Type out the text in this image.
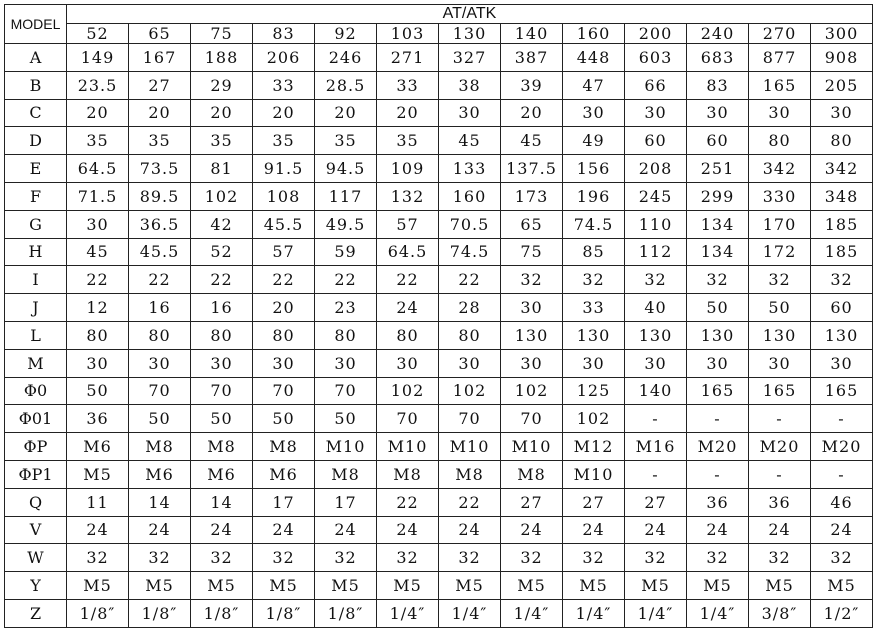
MODEL	AT/ATK												
	52	65	75	83	92	103	130	140	160	200	240	270	300
A	149	167	188	206	246	271	327	387	448	603	683	877	908
B	23.5	27	29	33	28.5	33	38	39	47	66	83	165	205
C	20	20	20	20	20	20	30	20	30	30	30	30	30
D	35	35	35	35	35	35	45	45	49	60	60	80	80
E	64.5	73.5	81	91.5	94.5	109	133	137.5	156	208	251	342	342
F	71.5	89.5	102	108	117	132	160	173	196	245	299	330	348
G	30	36.5	42	45.5	49.5	57	70.5	65	74.5	110	134	170	185
H	45	45.5	52	57	59	64.5	74.5	75	85	112	134	172	185
I	22	22	22	22	22	22	22	32	32	32	32	32	32
J	12	16	16	20	23	24	28	30	33	40	50	50	60
L	80	80	80	80	80	80	80	130	130	130	130	130	130
M	30	30	30	30	30	30	30	30	30	30	30	30	30
Φ0	50	70	70	70	70	102	102	102	125	140	165	165	165
Φ01	36	50	50	50	50	70	70	70	102	-	-	-	-
ΦP	M6	M8	M8	M8	M10	M10	M10	M10	M12	M16	M20	M20	M20
ΦP1	M5	M6	M6	M6	M8	M8	M8	M8	M10	-	-	-	-
Q	11	14	14	17	17	22	22	27	27	27	36	36	46
V	24	24	24	24	24	24	24	24	24	24	24	24	24
W	32	32	32	32	32	32	32	32	32	32	32	32	32
Y	M5	M5	M5	M5	M5	M5	M5	M5	M5	M5	M5	M5	M5
Z	1/8″	1/8″	1/8″	1/8″	1/8″	1/4″	1/4″	1/4″	1/4″	1/4″	1/4″	3/8″	1/2″
